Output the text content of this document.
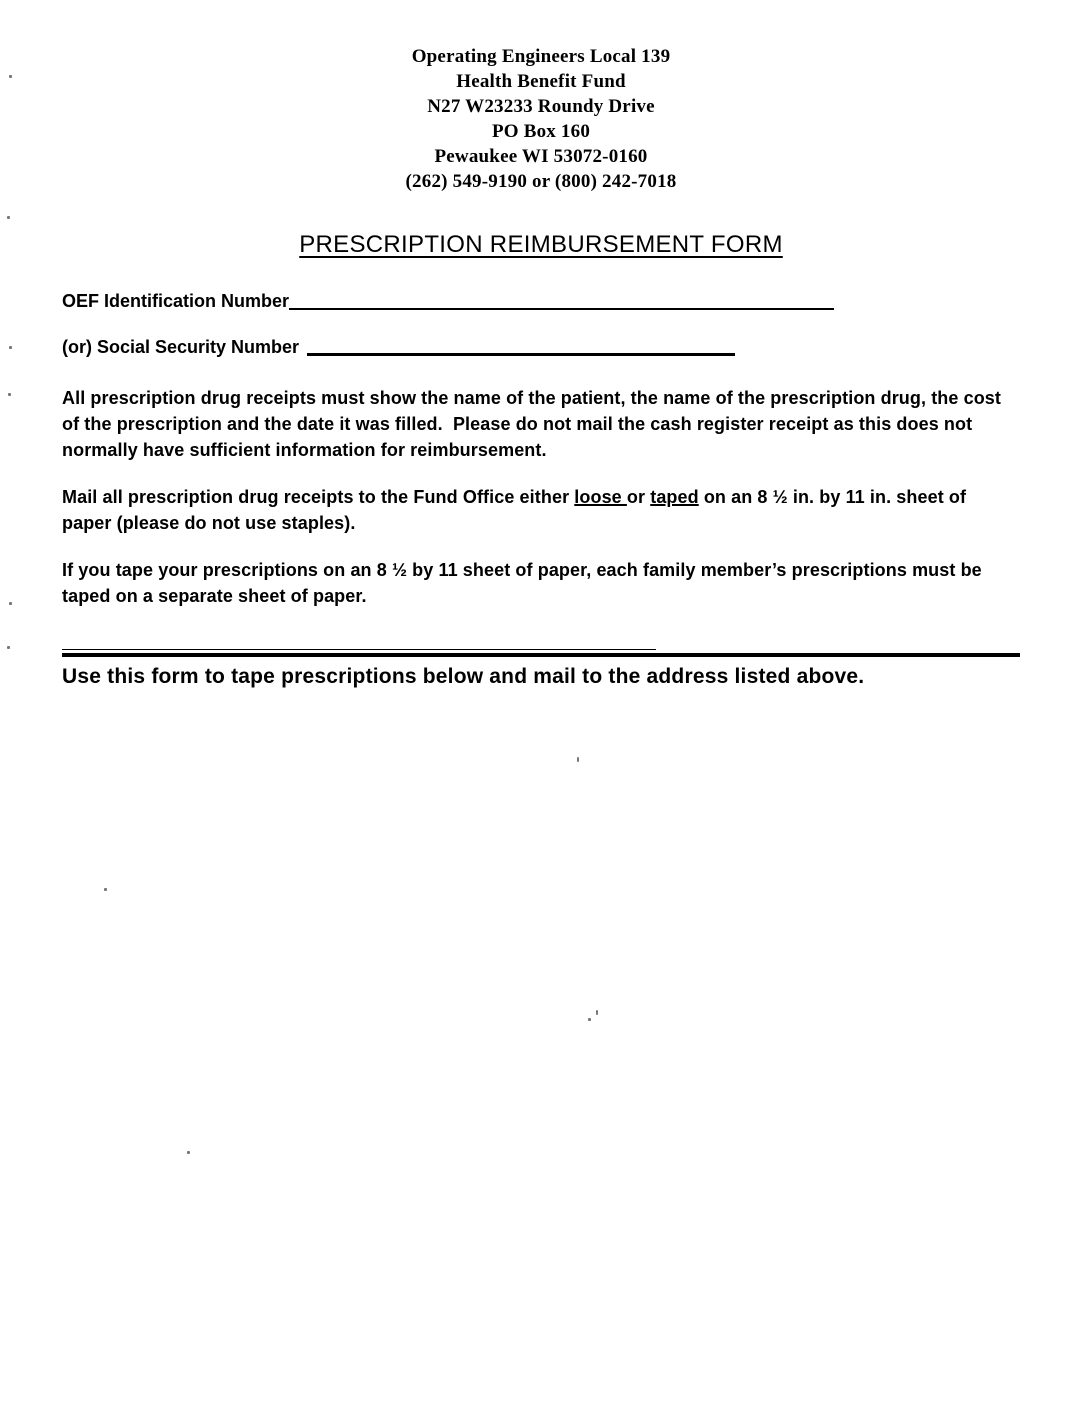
Operating Engineers Local 139
Health Benefit Fund
N27 W23233 Roundy Drive
PO Box 160
Pewaukee WI 53072-0160
(262) 549-9190 or (800) 242-7018
PRESCRIPTION REIMBURSEMENT FORM
OEF Identification Number
(or) Social Security Number

All prescription drug receipts must show the name of the patient, the name of the prescription drug, the cost of the prescription and the date it was filled.  Please do not mail the cash register receipt as this does not normally have sufficient information for reimbursement.

Mail all prescription drug receipts to the Fund Office either loose or taped on an 8 ½ in. by 11 in. sheet of paper (please do not use staples).

If you tape your prescriptions on an 8 ½ by 11 sheet of paper, each family member’s prescriptions must be taped on a separate sheet of paper.

Use this form to tape prescriptions below and mail to the address listed above.
